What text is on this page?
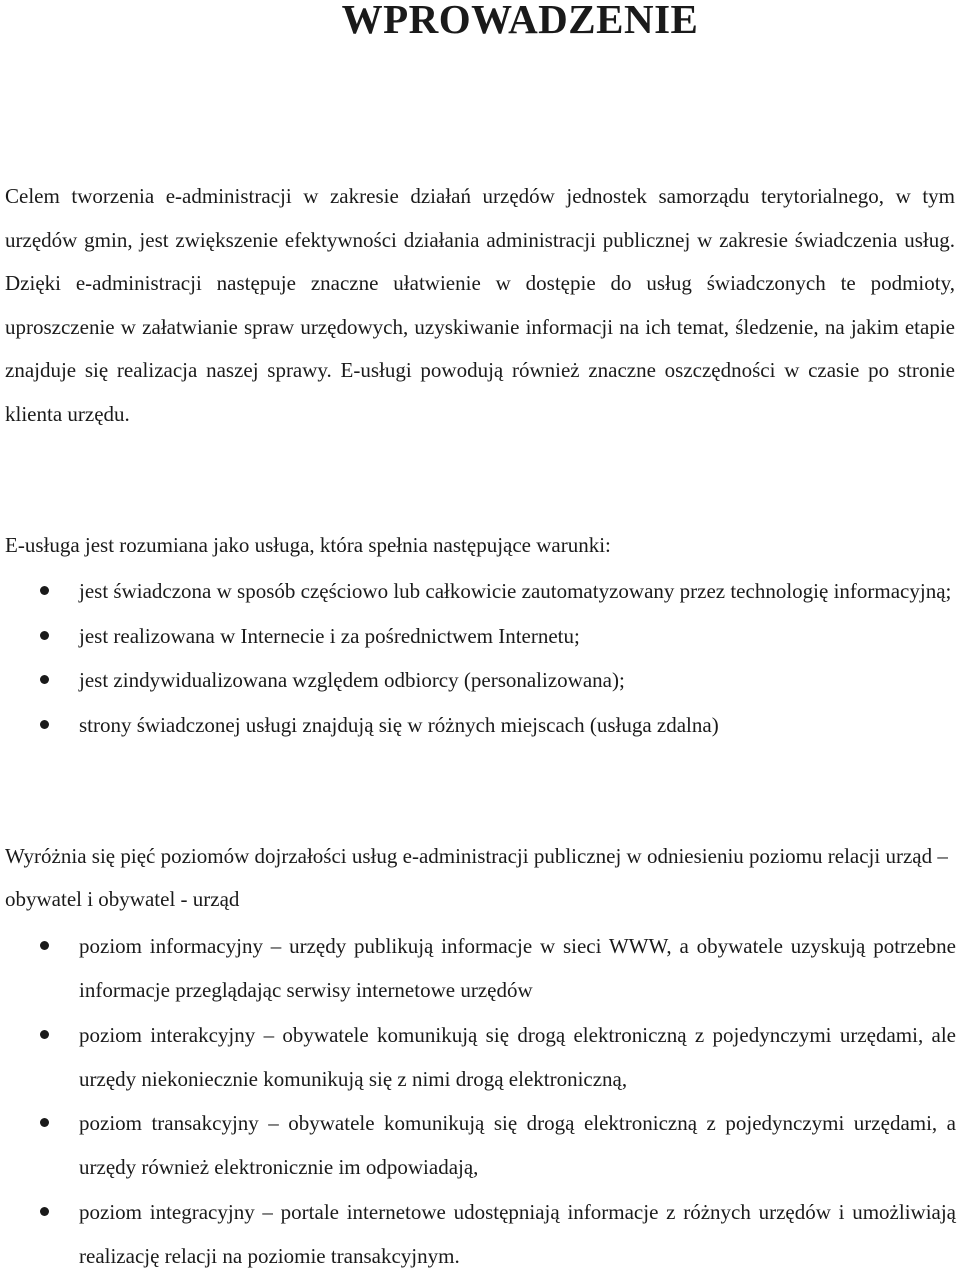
WPROWADZENIE

Celem tworzenia e-administracji w zakresie działań urzędów jednostek samorządu terytorialnego, w tym urzędów gmin, jest zwiększenie efektywności działania administracji publicznej w zakresie świadczenia usług. Dzięki e-administracji następuje znaczne ułatwienie w dostępie do usług świadczonych te podmioty, uproszczenie w załatwianie spraw urzędowych, uzyskiwanie informacji na ich temat, śledzenie, na jakim etapie znajduje się realizacja naszej sprawy. E-usługi powodują również znaczne oszczędności w czasie po stronie klienta urzędu.

E-usługa jest rozumiana jako usługa, która spełnia następujące warunki:

jest świadczona w sposób częściowo lub całkowicie zautomatyzowany przez technologię informacyjną;
jest realizowana w Internecie i za pośrednictwem Internetu;
jest zindywidualizowana względem odbiorcy (personalizowana);
strony świadczonej usługi znajdują się w różnych miejscach (usługa zdalna)

Wyróżnia się pięć poziomów dojrzałości usług e-administracji publicznej w odniesieniu poziomu relacji urząd – obywatel i obywatel - urząd

poziom informacyjny – urzędy publikują informacje w sieci WWW, a obywatele uzyskują potrzebne informacje przeglądając serwisy internetowe urzędów
poziom interakcyjny – obywatele komunikują się drogą elektroniczną z pojedynczymi urzędami, ale urzędy niekoniecznie komunikują się z nimi drogą elektroniczną,
poziom transakcyjny – obywatele komunikują się drogą elektroniczną z pojedynczymi urzędami, a urzędy również elektronicznie im odpowiadają,
poziom integracyjny – portale internetowe udostępniają informacje z różnych urzędów i umożliwiają realizację relacji na poziomie transakcyjnym.
